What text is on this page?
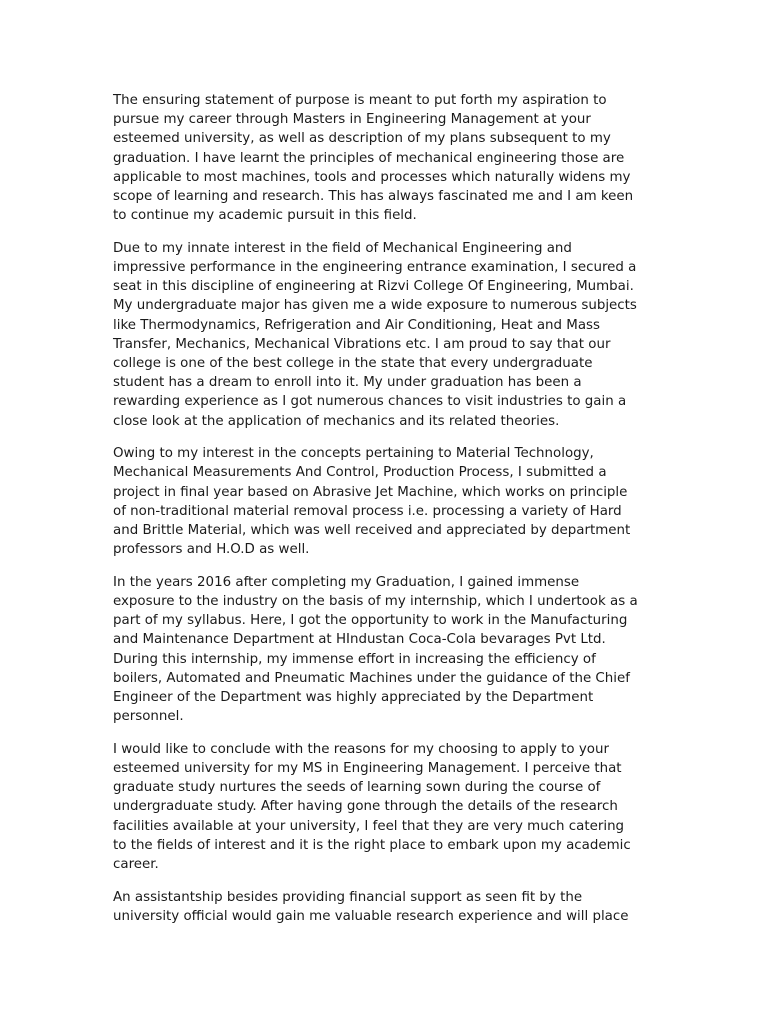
The ensuring statement of purpose is meant to put forth my aspiration to
pursue my career through Masters in Engineering Management at your
esteemed university, as well as description of my plans subsequent to my
graduation. I have learnt the principles of mechanical engineering those are
applicable to most machines, tools and processes which naturally widens my
scope of learning and research. This has always fascinated me and I am keen
to continue my academic pursuit in this field.

Due to my innate interest in the field of Mechanical Engineering and
impressive performance in the engineering entrance examination, I secured a
seat in this discipline of engineering at Rizvi College Of Engineering, Mumbai.
My undergraduate major has given me a wide exposure to numerous subjects
like Thermodynamics, Refrigeration and Air Conditioning, Heat and Mass
Transfer, Mechanics, Mechanical Vibrations etc. I am proud to say that our
college is one of the best college in the state that every undergraduate
student has a dream to enroll into it. My under graduation has been a
rewarding experience as I got numerous chances to visit industries to gain a
close look at the application of mechanics and its related theories.

Owing to my interest in the concepts pertaining to Material Technology,
Mechanical Measurements And Control, Production Process, I submitted a
project in final year based on Abrasive Jet Machine, which works on principle
of non-traditional material removal process i.e. processing a variety of Hard
and Brittle Material, which was well received and appreciated by department
professors and H.O.D as well.

In the years 2016 after completing my Graduation, I gained immense
exposure to the industry on the basis of my internship, which I undertook as a
part of my syllabus. Here, I got the opportunity to work in the Manufacturing
and Maintenance Department at HIndustan Coca-Cola bevarages Pvt Ltd.
During this internship, my immense effort in increasing the efficiency of
boilers, Automated and Pneumatic Machines under the guidance of the Chief
Engineer of the Department was highly appreciated by the Department
personnel.

I would like to conclude with the reasons for my choosing to apply to your
esteemed university for my MS in Engineering Management. I perceive that
graduate study nurtures the seeds of learning sown during the course of
undergraduate study. After having gone through the details of the research
facilities available at your university, I feel that they are very much catering
to the fields of interest and it is the right place to embark upon my academic
career.

An assistantship besides providing financial support as seen fit by the
university official would gain me valuable research experience and will place
